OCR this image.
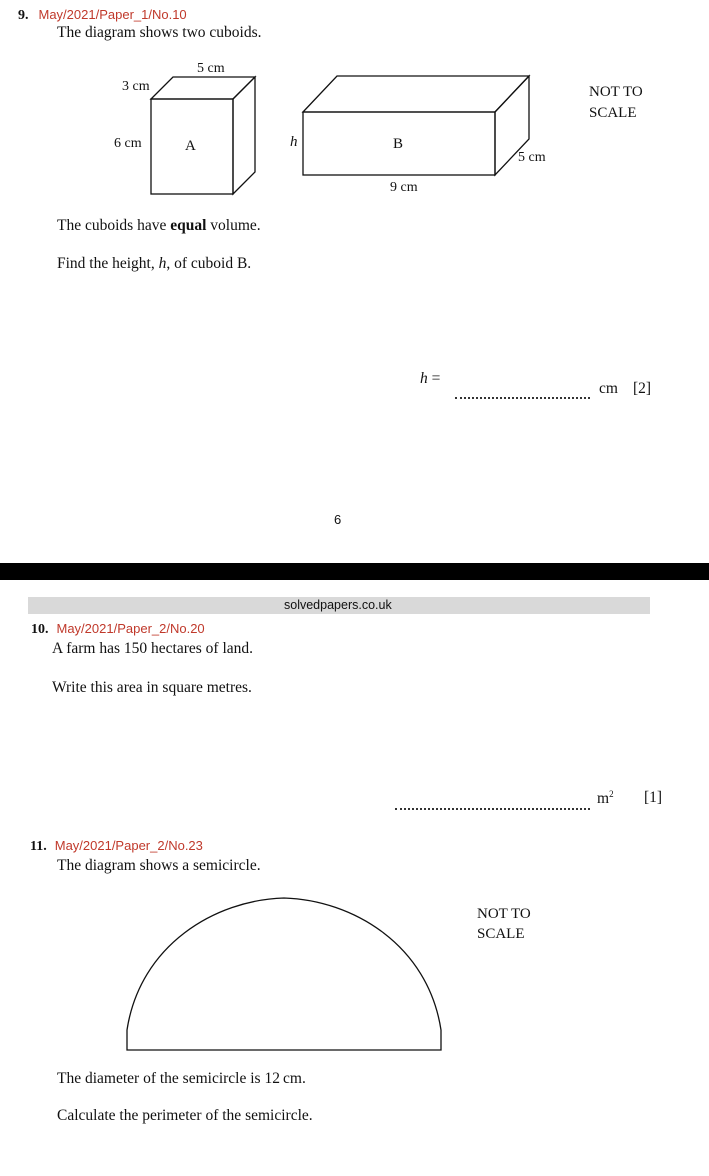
9. May/2021/Paper_1/No.10
The diagram shows two cuboids.
5 cm
3 cm
6 cm	A	h	B
5 cm
9 cm
NOT TO
SCALE
The cuboids have equal volume.
Find the height, h, of cuboid B.
h =
cm [2]
6
solvedpapers.co.uk
10. May/2021/Paper_2/No.20
A farm has 150 hectares of land.
Write this area in square metres.
$m^2$ [1]
11. May/2021/Paper_2/No.23
The diagram shows a semicircle.
NOT TO
SCALE
The diameter of the semicircle is 12 cm.
Calculate the perimeter of the semicircle.
